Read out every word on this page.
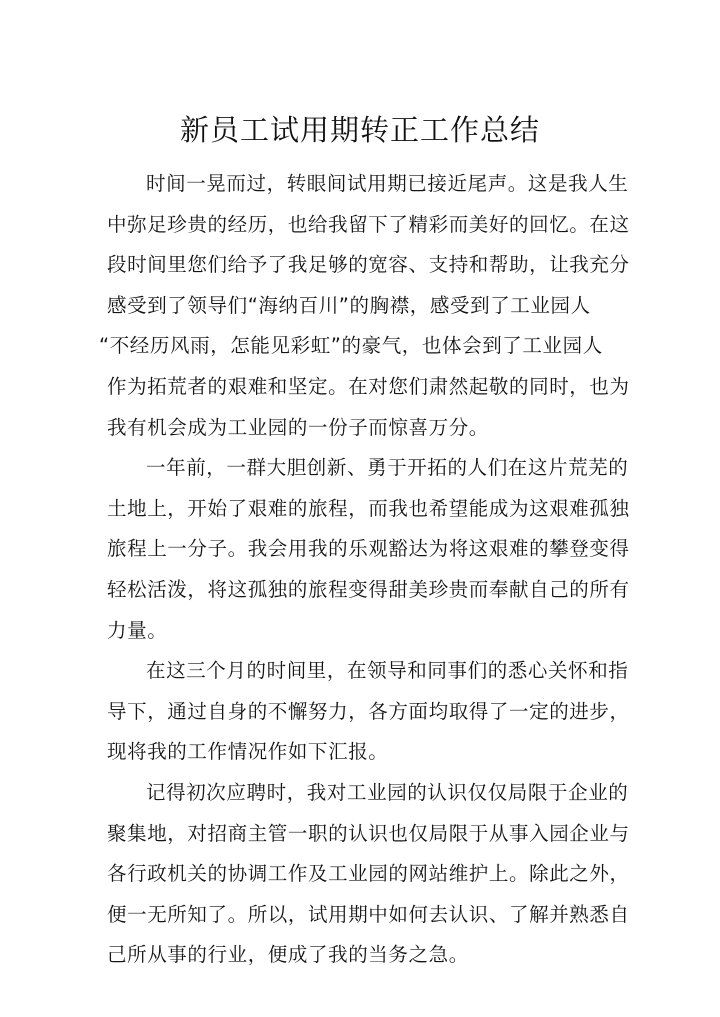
新员工试用期转正工作总结
时间一晃而过，转眼间试用期已接近尾声。这是我人生
中弥足珍贵的经历，也给我留下了精彩而美好的回忆。在这
段时间里您们给予了我足够的宽容、支持和帮助，让我充分
感受到了领导们“海纳百川”的胸襟，感受到了工业园人
“不经历风雨，怎能见彩虹”的豪气，也体会到了工业园人
作为拓荒者的艰难和坚定。在对您们肃然起敬的同时，也为
我有机会成为工业园的一份子而惊喜万分。
一年前，一群大胆创新、勇于开拓的人们在这片荒芜的
土地上，开始了艰难的旅程，而我也希望能成为这艰难孤独
旅程上一分子。我会用我的乐观豁达为将这艰难的攀登变得
轻松活泼，将这孤独的旅程变得甜美珍贵而奉献自己的所有
力量。
在这三个月的时间里，在领导和同事们的悉心关怀和指
导下，通过自身的不懈努力，各方面均取得了一定的进步，
现将我的工作情况作如下汇报。
记得初次应聘时，我对工业园的认识仅仅局限于企业的
聚集地，对招商主管一职的认识也仅局限于从事入园企业与
各行政机关的协调工作及工业园的网站维护上。除此之外，
便一无所知了。所以，试用期中如何去认识、了解并熟悉自
己所从事的行业，便成了我的当务之急。
